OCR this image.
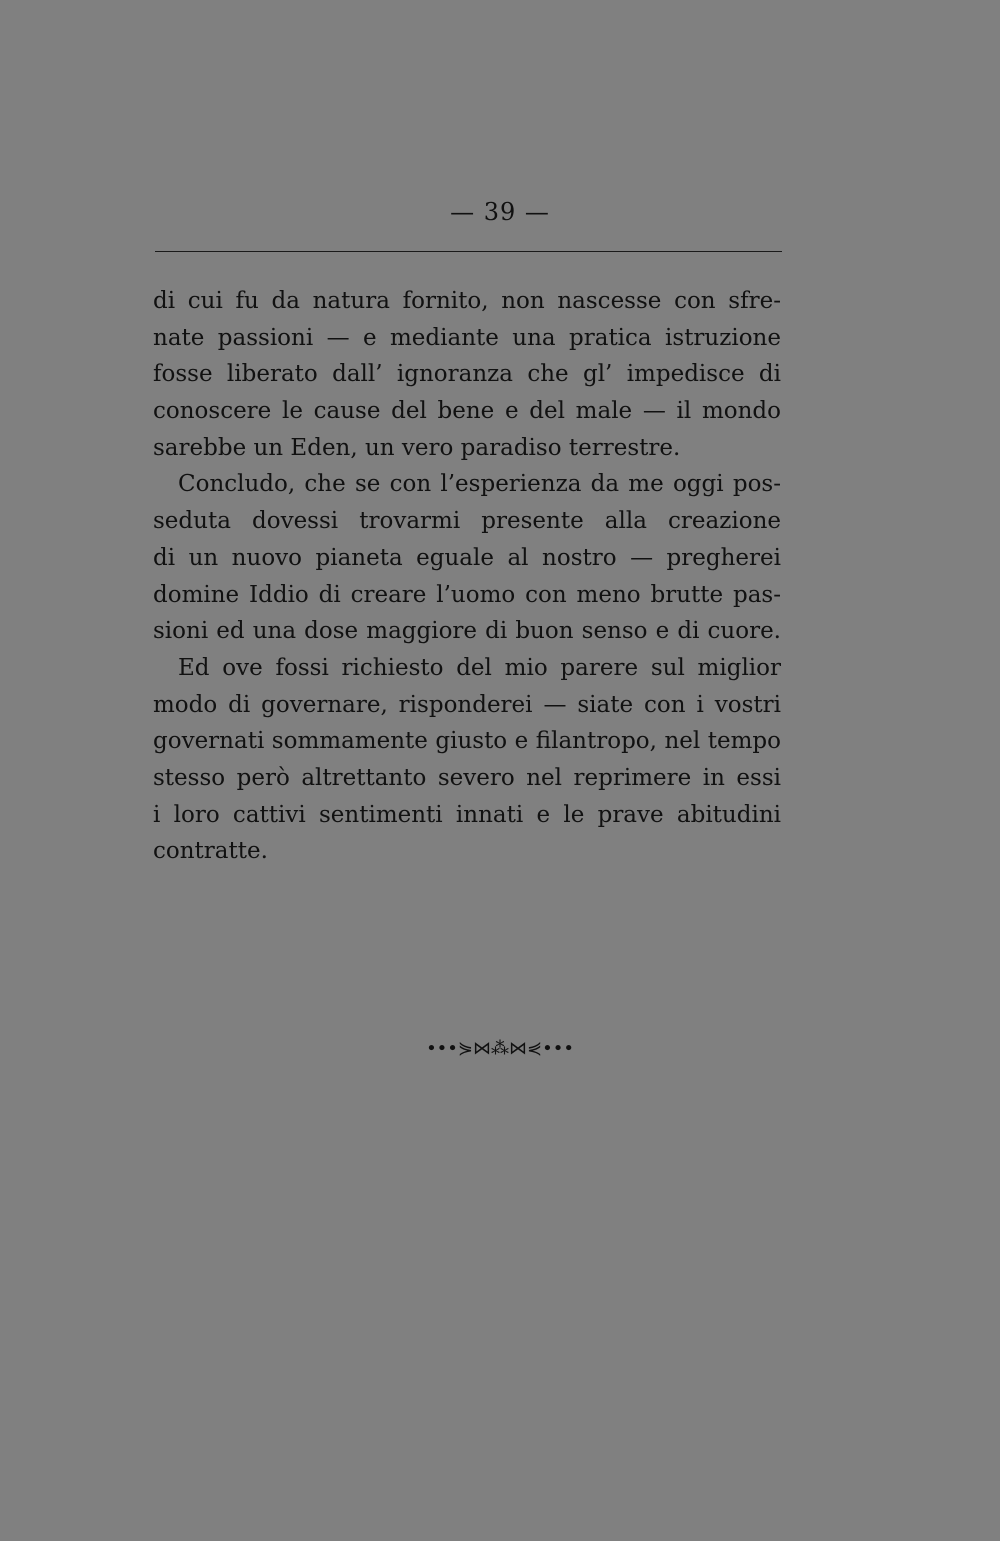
— 39 —
di cui fu da natura fornito, non nascesse con sfre-
nate passioni — e mediante una pratica istruzione
fosse liberato dall’ ignoranza che gl’ impedisce di
conoscere le cause del bene e del male — il mondo
sarebbe un Eden, un vero paradiso terrestre.
Concludo, che se con l’esperienza da me oggi pos-
seduta dovessi trovarmi presente alla creazione
di un nuovo pianeta eguale al nostro — pregherei
domine Iddio di creare l’uomo con meno brutte pas-
sioni ed una dose maggiore di buon senso e di cuore.
Ed ove fossi richiesto del mio parere sul miglior
modo di governare, risponderei — siate con i vostri
governati sommamente giusto e filantropo, nel tempo
stesso però altrettanto severo nel reprimere in essi
i loro cattivi sentimenti innati e le prave abitudini
contratte.
•••⋟⋈⁂⋈⋞•••
